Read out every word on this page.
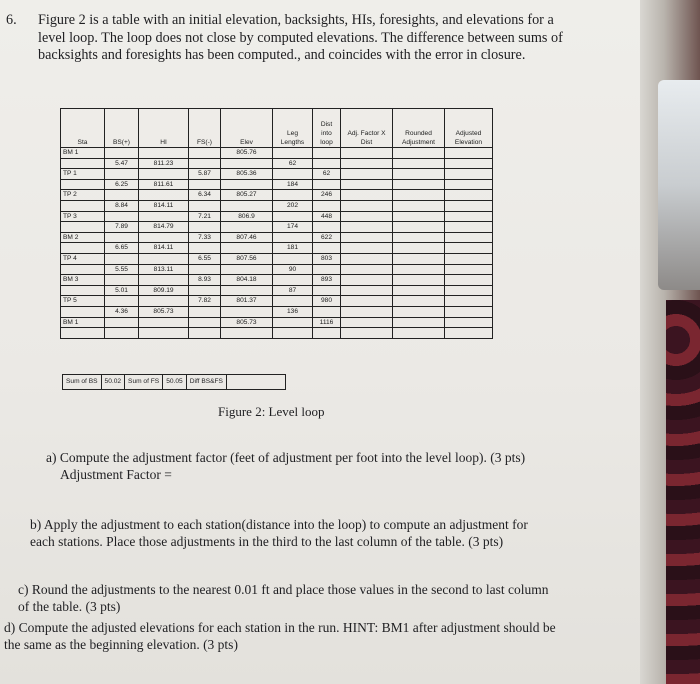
6. Figure 2 is a table with an initial elevation, backsights, HIs, foresights, and elevations for a level loop. The loop does not close by computed elevations. The difference between sums of backsights and foresights has been computed., and coincides with the error in closure.
Sta	BS(+)	HI	FS(-)	Elev	Leg Lengths	Dist into loop	Adj. Factor X Dist	Rounded Adjustment	Adjusted Elevation
BM 1				805.76					
	5.47	811.23			62				
TP 1			5.87	805.36		62			
	6.25	811.61			184				
TP 2			6.34	805.27		246			
	8.84	814.11			202				
TP 3			7.21	806.9		448			
	7.89	814.79			174				
BM 2			7.33	807.46		622			
	6.65	814.11			181				
TP 4			6.55	807.56		803			
	5.55	813.11			90				
BM 3			8.93	804.18		893			
	5.01	809.19			87				
TP 5			7.82	801.37		980			
	4.36	805.73			136				
BM 1				805.73		1116			

Sum of BS	50.02	Sum of FS	50.05	Diff BS&FS
Figure 2: Level loop
a) Compute the adjustment factor (feet of adjustment per foot into the level loop). (3 pts)
Adjustment Factor =
b) Apply the adjustment to each station(distance into the loop) to compute an adjustment for each stations. Place those adjustments in the third to the last column of the table. (3 pts)
c) Round the adjustments to the nearest 0.01 ft and place those values in the second to last column of the table. (3 pts)
d) Compute the adjusted elevations for each station in the run. HINT: BM1 after adjustment should be the same as the beginning elevation. (3 pts)
